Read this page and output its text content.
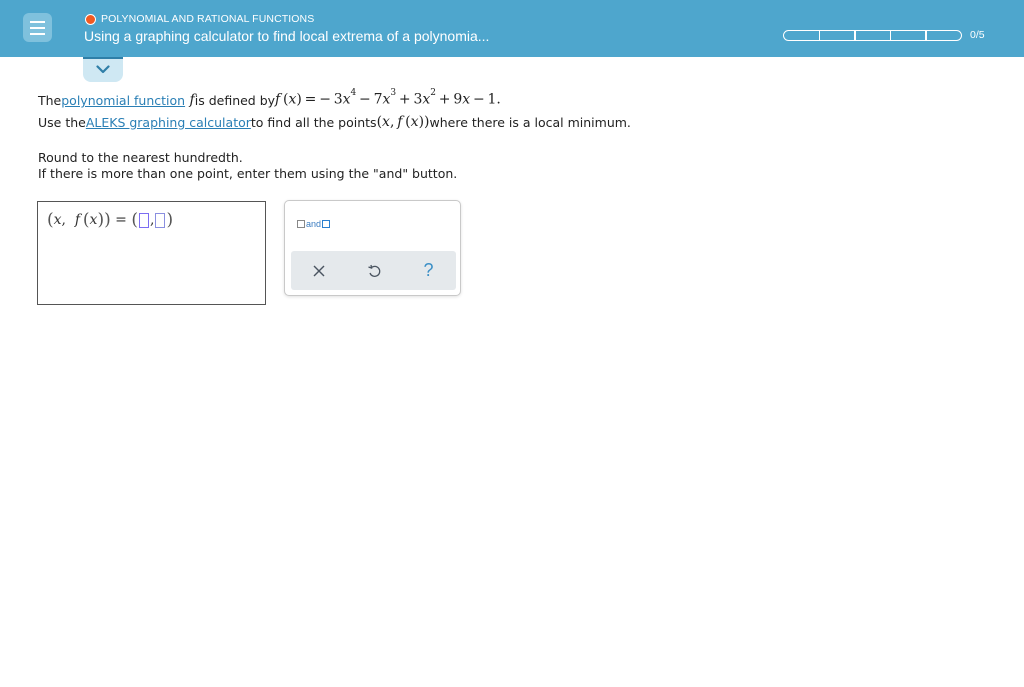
POLYNOMIAL AND RATIONAL FUNCTIONS
Using a graphing calculator to find local extrema of a polynomia...	0/5
The polynomial function f is defined by f (x) = − $3x^4 - 7x^3 + 3x^2 + 9x - 1$.
Use the ALEKS graphing calculator to find all the points (x, f (x)) where there is a local minimum.
Round to the nearest hundredth.
If there is more than one point, enter them using the "and" button.
( x , f
  ( x )) = ( , )	and
?
